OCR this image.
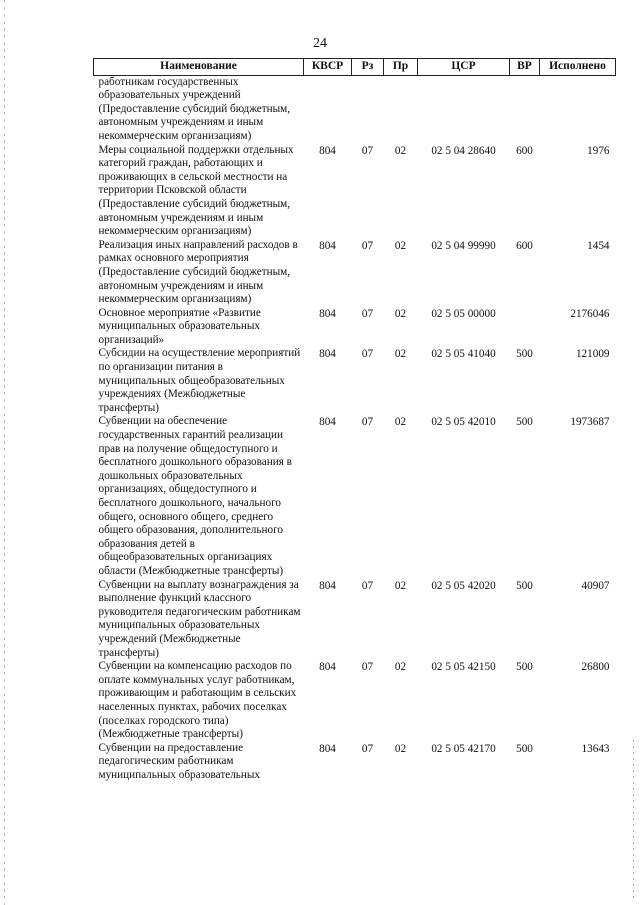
24
Наименование	КВСР	Рз	Пр	ЦСР	ВР	Исполнено
работникам государственных образовательных учреждений (Предоставление субсидий бюджетным, автономным учреждениям и иным некоммерческим организациям)						
Меры социальной поддержки отдельных категорий граждан, работающих и проживающих в сельской местности на территории Псковской области (Предоставление субсидий бюджетным, автономным учреждениям и иным некоммерческим организациям)	804	07	02	02 5 04 28640	600	1976
Реализация иных направлений расходов в рамках основного мероприятия (Предоставление субсидий бюджетным, автономным учреждениям и иным некоммерческим организациям)	804	07	02	02 5 04 99990	600	1454
Основное мероприятие «Развитие муниципальных образовательных организаций»	804	07	02	02 5 05 00000		2176046
Субсидии на осуществление мероприятий по организации питания в муниципальных общеобразовательных учреждениях (Межбюджетные трансферты)	804	07	02	02 5 05 41040	500	121009
Субвенции на обеспечение государственных гарантий реализации прав на получение общедоступного и бесплатного дошкольного образования в дошкольных образовательных организациях, общедоступного и бесплатного дошкольного, начального общего, основного общего, среднего общего образования, дополнительного образования детей в общеобразовательных организациях области (Межбюджетные трансферты)	804	07	02	02 5 05 42010	500	1973687
Субвенции на выплату вознаграждения за выполнение функций классного руководителя педагогическим работникам муниципальных образовательных учреждений (Межбюджетные трансферты)	804	07	02	02 5 05 42020	500	40907
Субвенции на компенсацию расходов по оплате коммунальных услуг работникам, проживающим и работающим в сельских населенных пунктах, рабочих поселках (поселках городского типа) (Межбюджетные трансферты)	804	07	02	02 5 05 42150	500	26800
Субвенции на предоставление педагогическим работникам муниципальных образовательных	804	07	02	02 5 05 42170	500	13643
